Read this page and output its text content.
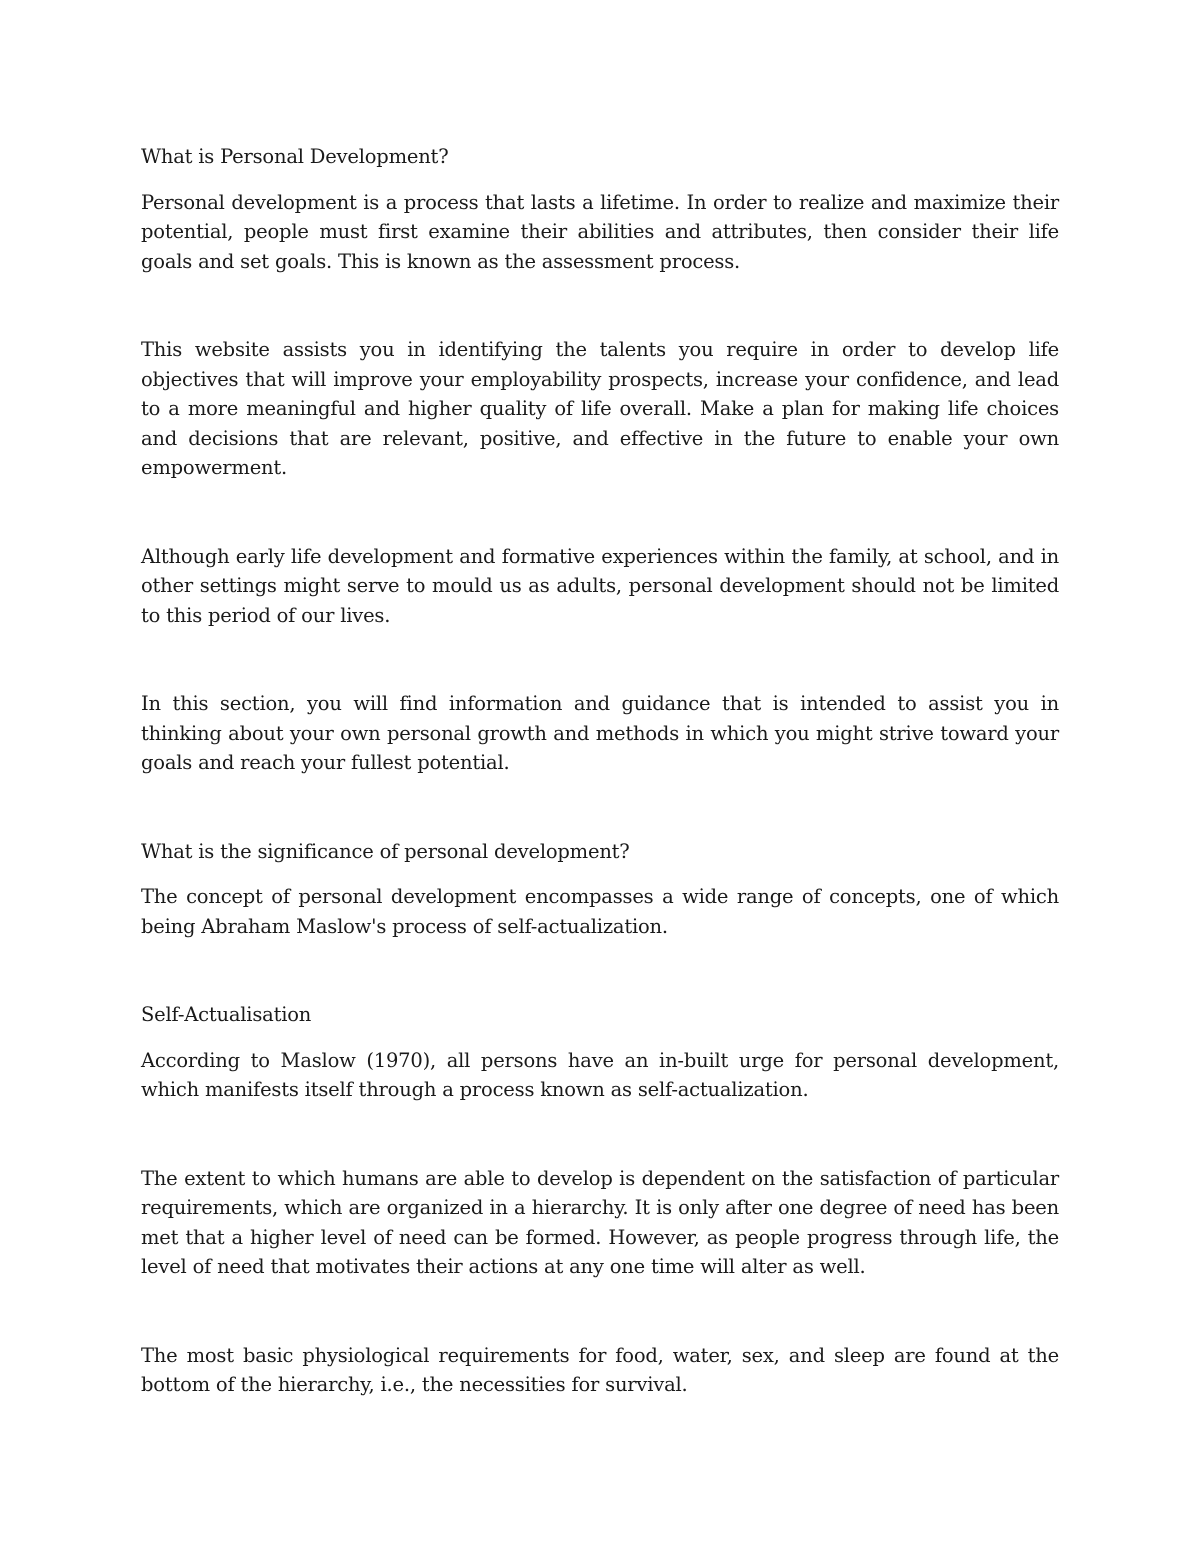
What is Personal Development?

Personal development is a process that lasts a lifetime. In order to realize and maximize their potential, people must first examine their abilities and attributes, then consider their life goals and set goals. This is known as the assessment process.

This website assists you in identifying the talents you require in order to develop life objectives that will improve your employability prospects, increase your confidence, and lead to a more meaningful and higher quality of life overall. Make a plan for making life choices and decisions that are relevant, positive, and effective in the future to enable your own empowerment.

Although early life development and formative experiences within the family, at school, and in other settings might serve to mould us as adults, personal development should not be limited to this period of our lives.

In this section, you will find information and guidance that is intended to assist you in thinking about your own personal growth and methods in which you might strive toward your goals and reach your fullest potential.

What is the significance of personal development?

The concept of personal development encompasses a wide range of concepts, one of which being Abraham Maslow's process of self-actualization.

Self-Actualisation

According to Maslow (1970), all persons have an in-built urge for personal development, which manifests itself through a process known as self-actualization.

The extent to which humans are able to develop is dependent on the satisfaction of particular requirements, which are organized in a hierarchy. It is only after one degree of need has been met that a higher level of need can be formed. However, as people progress through life, the level of need that motivates their actions at any one time will alter as well.

The most basic physiological requirements for food, water, sex, and sleep are found at the bottom of the hierarchy, i.e., the necessities for survival.
